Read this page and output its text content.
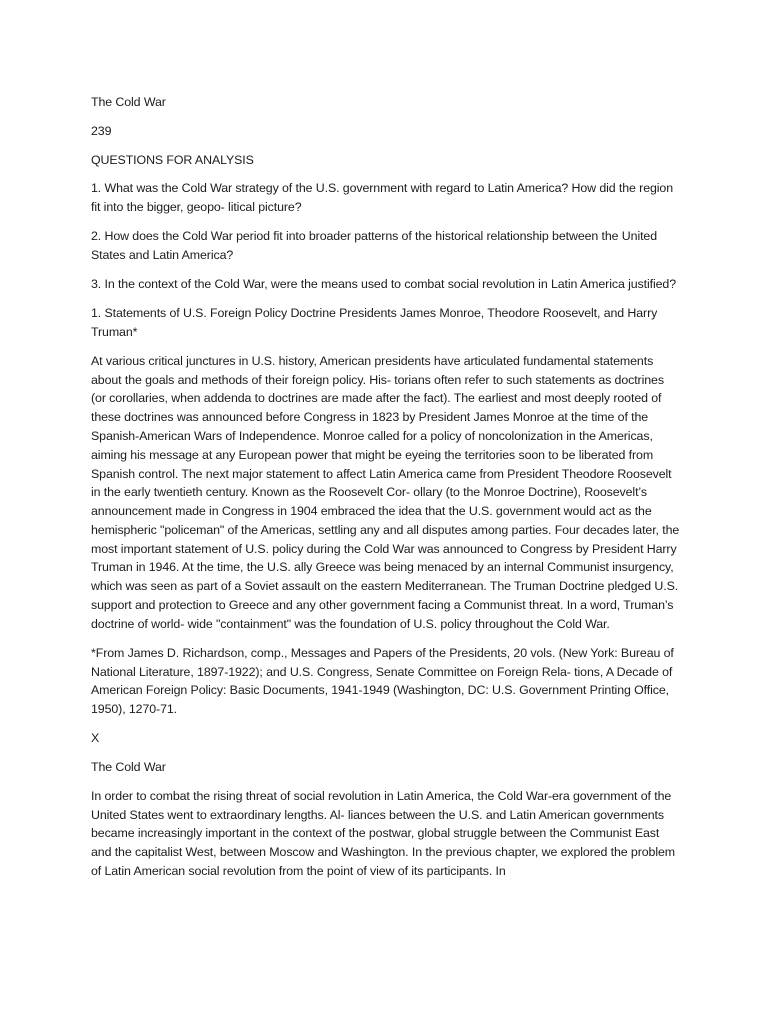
The Cold War

239

QUESTIONS FOR ANALYSIS

1. What was the Cold War strategy of the U.S. government with regard to Latin America? How did the region fit into the bigger, geopo- litical picture?

2. How does the Cold War period fit into broader patterns of the historical relationship between the United States and Latin America?

3. In the context of the Cold War, were the means used to combat social revolution in Latin America justified?

1. Statements of U.S. Foreign Policy Doctrine Presidents James Monroe, Theodore Roosevelt, and Harry Truman*

At various critical junctures in U.S. history, American presidents have articulated fundamental statements about the goals and methods of their foreign policy. His- torians often refer to such statements as doctrines (or corollaries, when addenda to doctrines are made after the fact). The earliest and most deeply rooted of these doctrines was announced before Congress in 1823 by President James Monroe at the time of the Spanish-American Wars of Independence. Monroe called for a policy of noncolonization in the Americas, aiming his message at any European power that might be eyeing the territories soon to be liberated from Spanish control. The next major statement to affect Latin America came from President Theodore Roosevelt in the early twentieth century. Known as the Roosevelt Cor- ollary (to the Monroe Doctrine), Roosevelt’s announcement made in Congress in 1904 embraced the idea that the U.S. government would act as the hemispheric "policeman" of the Americas, settling any and all disputes among parties. Four decades later, the most important statement of U.S. policy during the Cold War was announced to Congress by President Harry Truman in 1946. At the time, the U.S. ally Greece was being menaced by an internal Communist insurgency, which was seen as part of a Soviet assault on the eastern Mediterranean. The Truman Doctrine pledged U.S. support and protection to Greece and any other government facing a Communist threat. In a word, Truman’s doctrine of world- wide "containment" was the foundation of U.S. policy throughout the Cold War.

*From James D. Richardson, comp., Messages and Papers of the Presidents, 20 vols. (New York: Bureau of National Literature, 1897-1922); and U.S. Congress, Senate Committee on Foreign Rela- tions, A Decade of American Foreign Policy: Basic Documents, 1941-1949 (Washington, DC: U.S. Government Printing Office, 1950), 1270-71.

X

The Cold War

In order to combat the rising threat of social revolution in Latin America, the Cold War-era government of the United States went to extraordinary lengths. Al- liances between the U.S. and Latin American governments became increasingly important in the context of the postwar, global struggle between the Communist East and the capitalist West, between Moscow and Washington. In the previous chapter, we explored the problem of Latin American social revolution from the point of view of its participants. In
